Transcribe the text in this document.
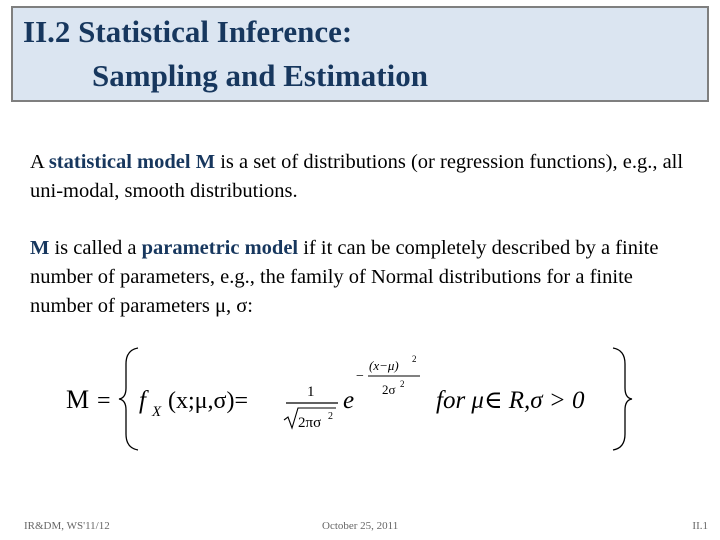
II.2 Statistical Inference:
Sampling and Estimation
A statistical model M is a set of distributions (or regression functions), e.g., all uni-modal, smooth distributions.
M is called a parametric model if it can be completely described by a finite number of parameters, e.g., the family of Normal distributions for a finite number of parameters μ, σ:
M = f X (x;μ,σ)=	1
2πσ 2
e
−
(x−μ) 2
2σ 2
for μ∈ R,σ > 0
IR&DM, WS'11/12	October 25, 2011	II.1
